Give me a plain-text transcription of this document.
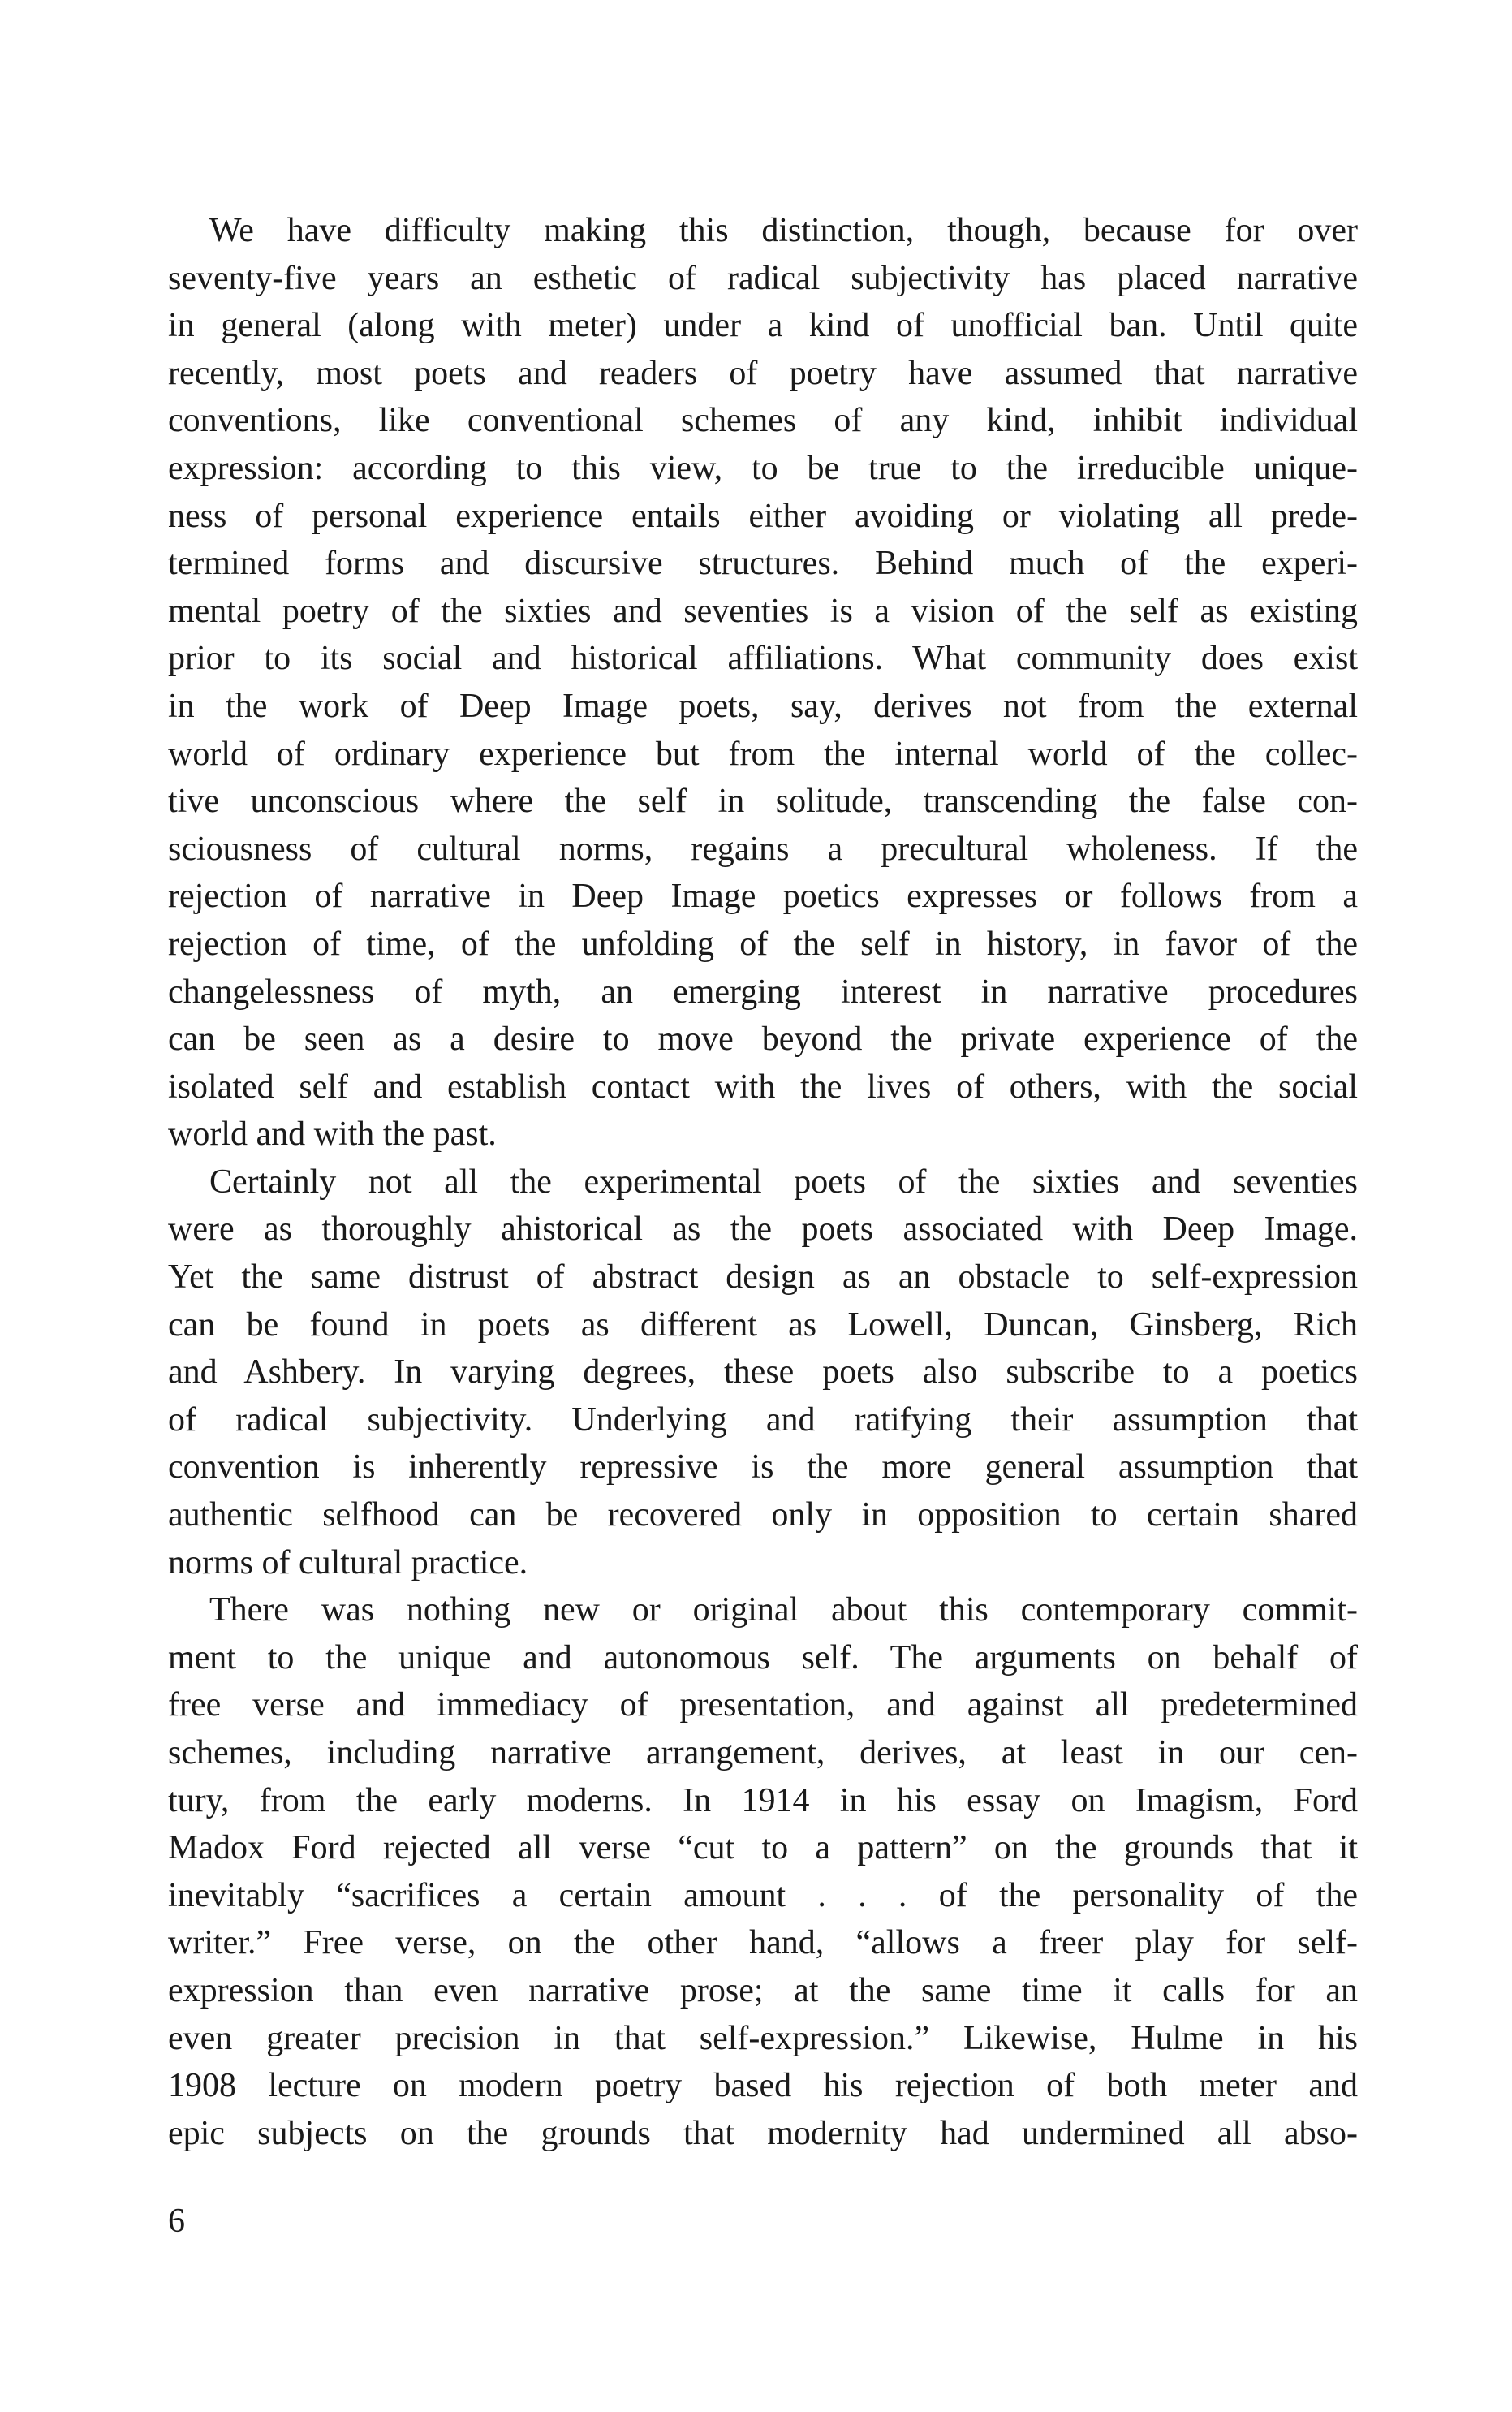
We have difficulty making this distinction, though, because for over
seventy-five years an esthetic of radical subjectivity has placed narrative
in general (along with meter) under a kind of unofficial ban. Until quite
recently, most poets and readers of poetry have assumed that narrative
conventions, like conventional schemes of any kind, inhibit individual
expression: according to this view, to be true to the irreducible unique-
ness of personal experience entails either avoiding or violating all prede-
termined forms and discursive structures. Behind much of the experi-
mental poetry of the sixties and seventies is a vision of the self as existing
prior to its social and historical affiliations. What community does exist
in the work of Deep Image poets, say, derives not from the external
world of ordinary experience but from the internal world of the collec-
tive unconscious where the self in solitude, transcending the false con-
sciousness of cultural norms, regains a precultural wholeness. If the
rejection of narrative in Deep Image poetics expresses or follows from a
rejection of time, of the unfolding of the self in history, in favor of the
changelessness of myth, an emerging interest in narrative procedures
can be seen as a desire to move beyond the private experience of the
isolated self and establish contact with the lives of others, with the social
world and with the past.
Certainly not all the experimental poets of the sixties and seventies
were as thoroughly ahistorical as the poets associated with Deep Image.
Yet the same distrust of abstract design as an obstacle to self-expression
can be found in poets as different as Lowell, Duncan, Ginsberg, Rich
and Ashbery. In varying degrees, these poets also subscribe to a poetics
of radical subjectivity. Underlying and ratifying their assumption that
convention is inherently repressive is the more general assumption that
authentic selfhood can be recovered only in opposition to certain shared
norms of cultural practice.
There was nothing new or original about this contemporary commit-
ment to the unique and autonomous self. The arguments on behalf of
free verse and immediacy of presentation, and against all predetermined
schemes, including narrative arrangement, derives, at least in our cen-
tury, from the early moderns. In 1914 in his essay on Imagism, Ford
Madox Ford rejected all verse “cut to a pattern” on the grounds that it
inevitably “sacrifices a certain amount . . . of the personality of the
writer.” Free verse, on the other hand, “allows a freer play for self-
expression than even narrative prose; at the same time it calls for an
even greater precision in that self-expression.” Likewise, Hulme in his
1908 lecture on modern poetry based his rejection of both meter and
epic subjects on the grounds that modernity had undermined all abso-
6
